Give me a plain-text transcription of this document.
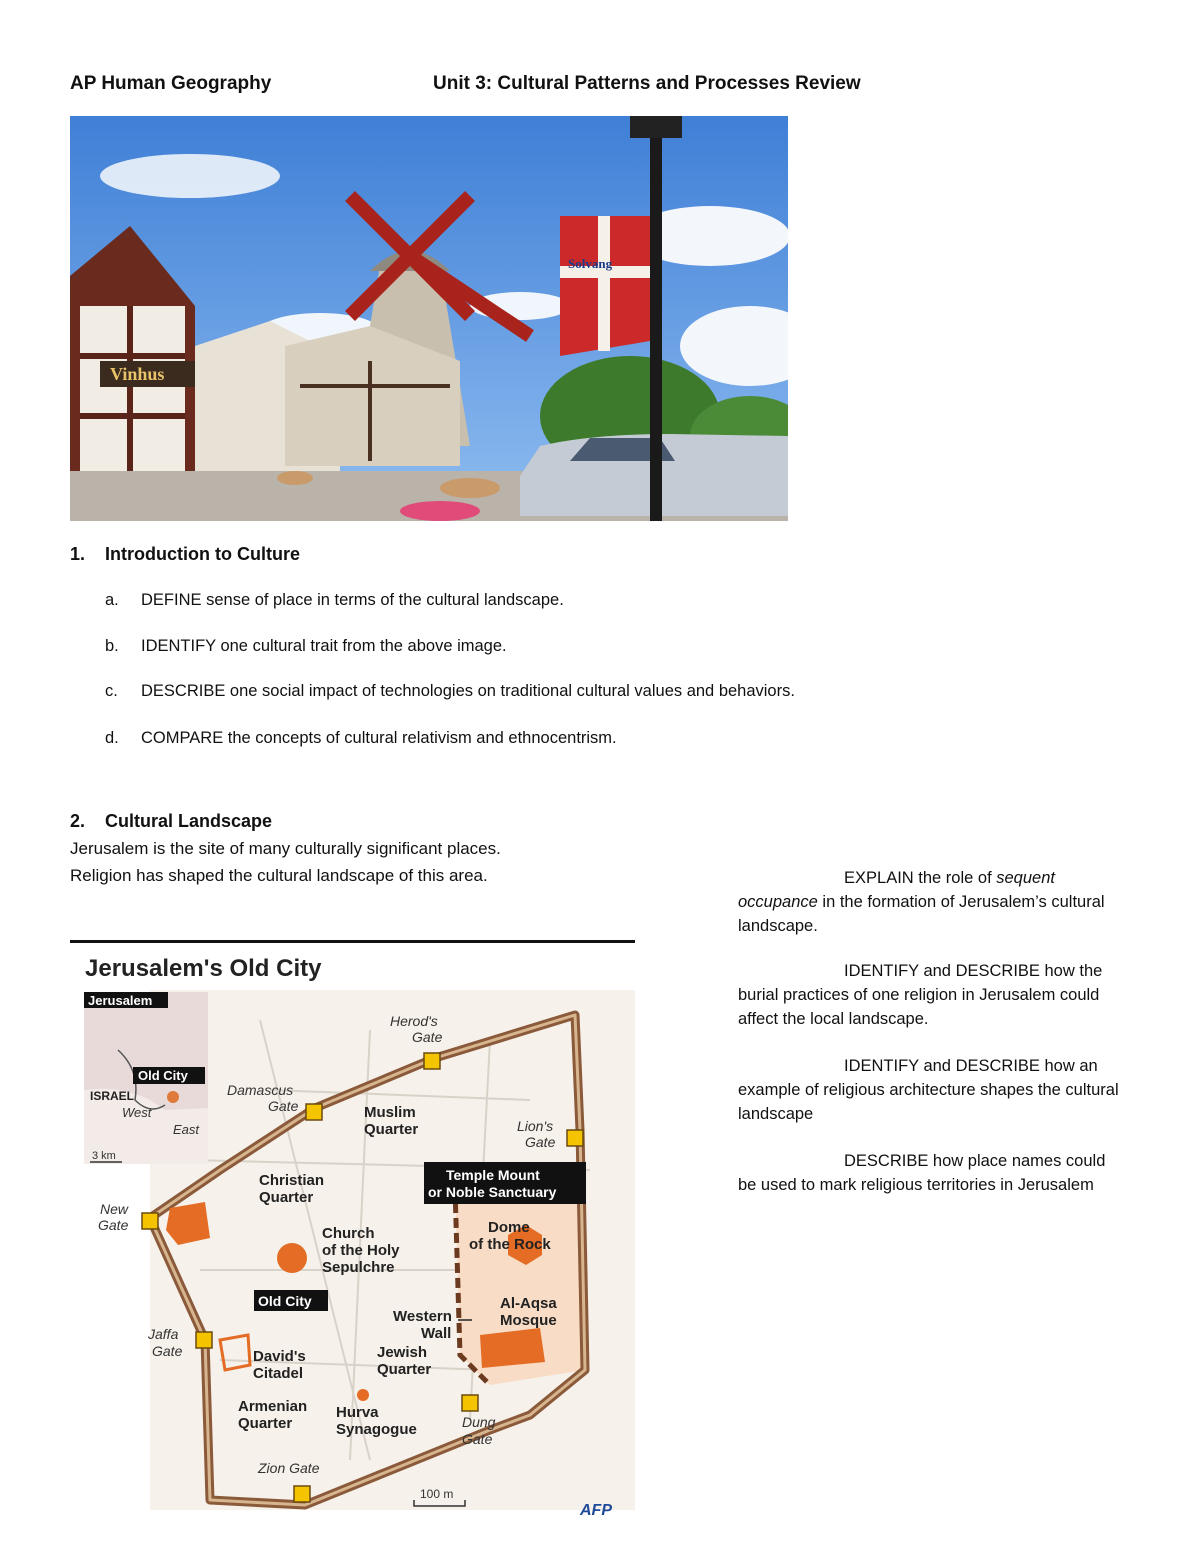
AP Human Geography	Unit 3: Cultural Patterns and Processes Review
Vinhus
Solvang
1. Introduction to Culture
a. DEFINE sense of place in terms of the cultural landscape.
b. IDENTIFY one cultural trait from the above image.
c. DESCRIBE one social impact of technologies on traditional cultural values and behaviors.
d. COMPARE the concepts of cultural relativism and ethnocentrism.
2. Cultural Landscape
Jerusalem is the site of many culturally significant places.
Religion has shaped the cultural landscape of this area.	EXPLAIN the role of sequent occupance in the formation of Jerusalem’s cultural landscape.
IDENTIFY and DESCRIBE how the burial practices of one religion in Jerusalem could affect the local landscape.
IDENTIFY and DESCRIBE how an example of religious architecture shapes the cultural landscape
DESCRIBE how place names could be used to mark religious territories in Jerusalem
Jerusalem's Old City
Jerusalem
Old City
ISRAEL
West
East
3 km
Herod's
Gate
Damascus
Gate
Lion's
Gate
New
Gate
Jaffa
Gate
Dung
Gate
Zion Gate
Muslim
Quarter
Christian
Quarter
Church
of the Holy
Sepulchre
Dome
of the Rock
Western
Wall
Al-Aqsa
Mosque
David's
Citadel
Jewish
Quarter
Armenian
Quarter
Hurva
Synagogue
Temple Mount
or Noble Sanctuary
Old City
100 m
AFP
